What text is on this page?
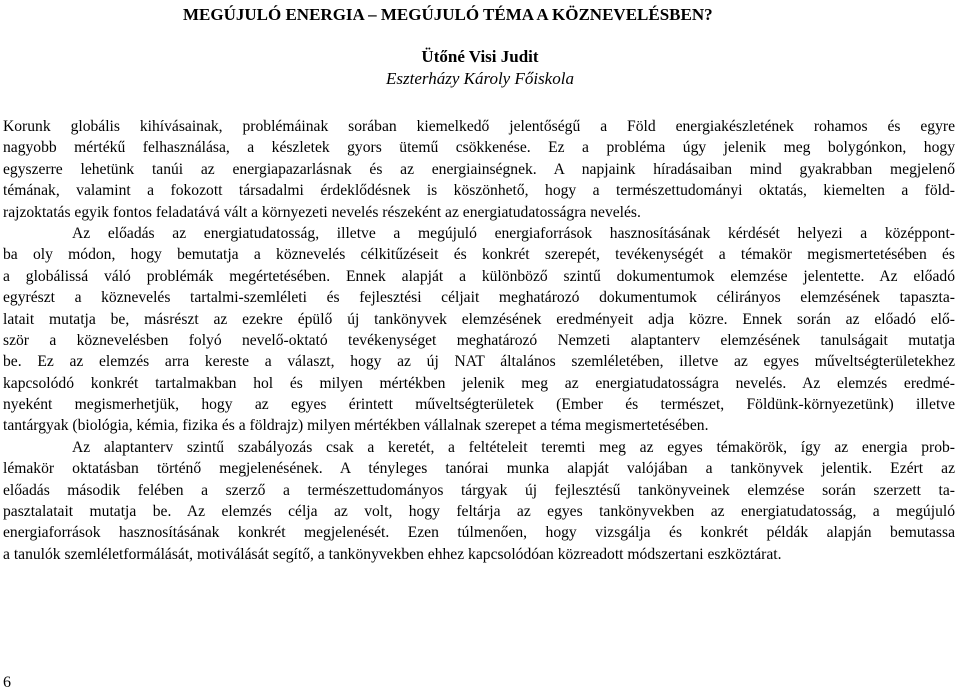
MEGÚJULÓ ENERGIA – MEGÚJULÓ TÉMA A KÖZNEVELÉSBEN?
Ütőné Visi Judit
Eszterházy Károly Főiskola
Korunk globális kihívásainak, problémáinak sorában kiemelkedő jelentőségű a Föld energiakészletének rohamos és egyre
nagyobb mértékű felhasználása, a készletek gyors ütemű csökkenése. Ez a probléma úgy jelenik meg bolygónkon, hogy
egyszerre lehetünk tanúi az energiapazarlásnak és az energiainségnek. A napjaink híradásaiban mind gyakrabban megjelenő
témának, valamint a fokozott társadalmi érdeklődésnek is köszönhető, hogy a természettudományi oktatás, kiemelten a föld-
rajzoktatás egyik fontos feladatává vált a környezeti nevelés részeként az energiatudatosságra nevelés.
Az előadás az energiatudatosság, illetve a megújuló energiaforrások hasznosításának kérdését helyezi a középpont-
ba oly módon, hogy bemutatja a köznevelés célkitűzéseit és konkrét szerepét, tevékenységét a témakör megismertetésében és
a globálissá váló problémák megértetésében. Ennek alapját a különböző szintű dokumentumok elemzése jelentette. Az előadó
egyrészt a köznevelés tartalmi-szemléleti és fejlesztési céljait meghatározó dokumentumok célirányos elemzésének tapaszta-
latait mutatja be, másrészt az ezekre épülő új tankönyvek elemzésének eredményeit adja közre. Ennek során az előadó elő-
ször a köznevelésben folyó nevelő-oktató tevékenységet meghatározó Nemzeti alaptanterv elemzésének tanulságait mutatja
be. Ez az elemzés arra kereste a választ, hogy az új NAT általános szemléletében, illetve az egyes műveltségterületekhez
kapcsolódó konkrét tartalmakban hol és milyen mértékben jelenik meg az energiatudatosságra nevelés. Az elemzés eredmé-
nyeként megismerhetjük, hogy az egyes érintett műveltségterületek (Ember és természet, Földünk-környezetünk) illetve
tantárgyak (biológia, kémia, fizika és a földrajz) milyen mértékben vállalnak szerepet a téma megismertetésében.
Az alaptanterv szintű szabályozás csak a keretét, a feltételeit teremti meg az egyes témakörök, így az energia prob-
lémakör oktatásban történő megjelenésének. A tényleges tanórai munka alapját valójában a tankönyvek jelentik. Ezért az
előadás második felében a szerző a természettudományos tárgyak új fejlesztésű tankönyveinek elemzése során szerzett ta-
pasztalatait mutatja be. Az elemzés célja az volt, hogy feltárja az egyes tankönyvekben az energiatudatosság, a megújuló
energiaforrások hasznosításának konkrét megjelenését. Ezen túlmenően, hogy vizsgálja és konkrét példák alapján bemutassa
a tanulók szemléletformálását, motiválását segítő, a tankönyvekben ehhez kapcsolódóan közreadott módszertani eszköztárat.
6
